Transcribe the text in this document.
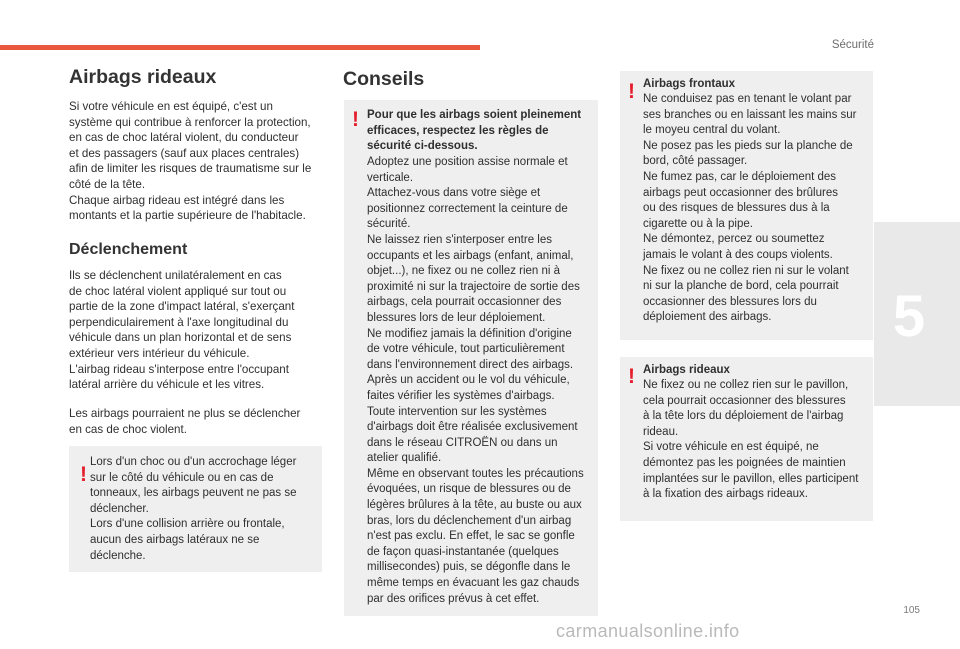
Sécurité
5
Airbags rideaux

Si votre véhicule en est équipé, c'est un
système qui contribue à renforcer la protection,
en cas de choc latéral violent, du conducteur
et des passagers (sauf aux places centrales)
afin de limiter les risques de traumatisme sur le
côté de la tête.
Chaque airbag rideau est intégré dans les
montants et la partie supérieure de l'habitacle.

Déclenchement

Ils se déclenchent unilatéralement en cas
de choc latéral violent appliqué sur tout ou
partie de la zone d'impact latéral, s'exerçant
perpendiculairement à l'axe longitudinal du
véhicule dans un plan horizontal et de sens
extérieur vers intérieur du véhicule.
L'airbag rideau s'interpose entre l'occupant
latéral arrière du véhicule et les vitres.

Les airbags pourraient ne plus se déclencher
en cas de choc violent.

!

Lors d'un choc ou d'un accrochage léger
sur le côté du véhicule ou en cas de
tonneaux, les airbags peuvent ne pas se
déclencher.
Lors d'une collision arrière ou frontale,
aucun des airbags latéraux ne se
déclenche.

Conseils
! Pour que les airbags soient pleinement
efficaces, respectez les règles de
sécurité ci-dessous.

Adoptez une position assise normale et
verticale.
Attachez-vous dans votre siège et
positionnez correctement la ceinture de
sécurité.
Ne laissez rien s'interposer entre les
occupants et les airbags (enfant, animal,
objet...), ne fixez ou ne collez rien ni à
proximité ni sur la trajectoire de sortie des
airbags, cela pourrait occasionner des
blessures lors de leur déploiement.
Ne modifiez jamais la définition d'origine
de votre véhicule, tout particulièrement
dans l'environnement direct des airbags.
Après un accident ou le vol du véhicule,
faites vérifier les systèmes d'airbags.
Toute intervention sur les systèmes
d'airbags doit être réalisée exclusivement
dans le réseau CITROËN ou dans un
atelier qualifié.
Même en observant toutes les précautions
évoquées, un risque de blessures ou de
légères brûlures à la tête, au buste ou aux
bras, lors du déclenchement d'un airbag
n'est pas exclu. En effet, le sac se gonfle
de façon quasi-instantanée (quelques
millisecondes) puis, se dégonfle dans le
même temps en évacuant les gaz chauds
par des orifices prévus à cet effet.

! Airbags frontaux

Ne conduisez pas en tenant le volant par
ses branches ou en laissant les mains sur
le moyeu central du volant.
Ne posez pas les pieds sur la planche de
bord, côté passager.
Ne fumez pas, car le déploiement des
airbags peut occasionner des brûlures
ou des risques de blessures dus à la
cigarette ou à la pipe.
Ne démontez, percez ou soumettez
jamais le volant à des coups violents.
Ne fixez ou ne collez rien ni sur le volant
ni sur la planche de bord, cela pourrait
occasionner des blessures lors du
déploiement des airbags.

! Airbags rideaux

Ne fixez ou ne collez rien sur le pavillon,
cela pourrait occasionner des blessures
à la tête lors du déploiement de l'airbag
rideau.
Si votre véhicule en est équipé, ne
démontez pas les poignées de maintien
implantées sur le pavillon, elles participent
à la fixation des airbags rideaux.

105
carmanualsonline.info
